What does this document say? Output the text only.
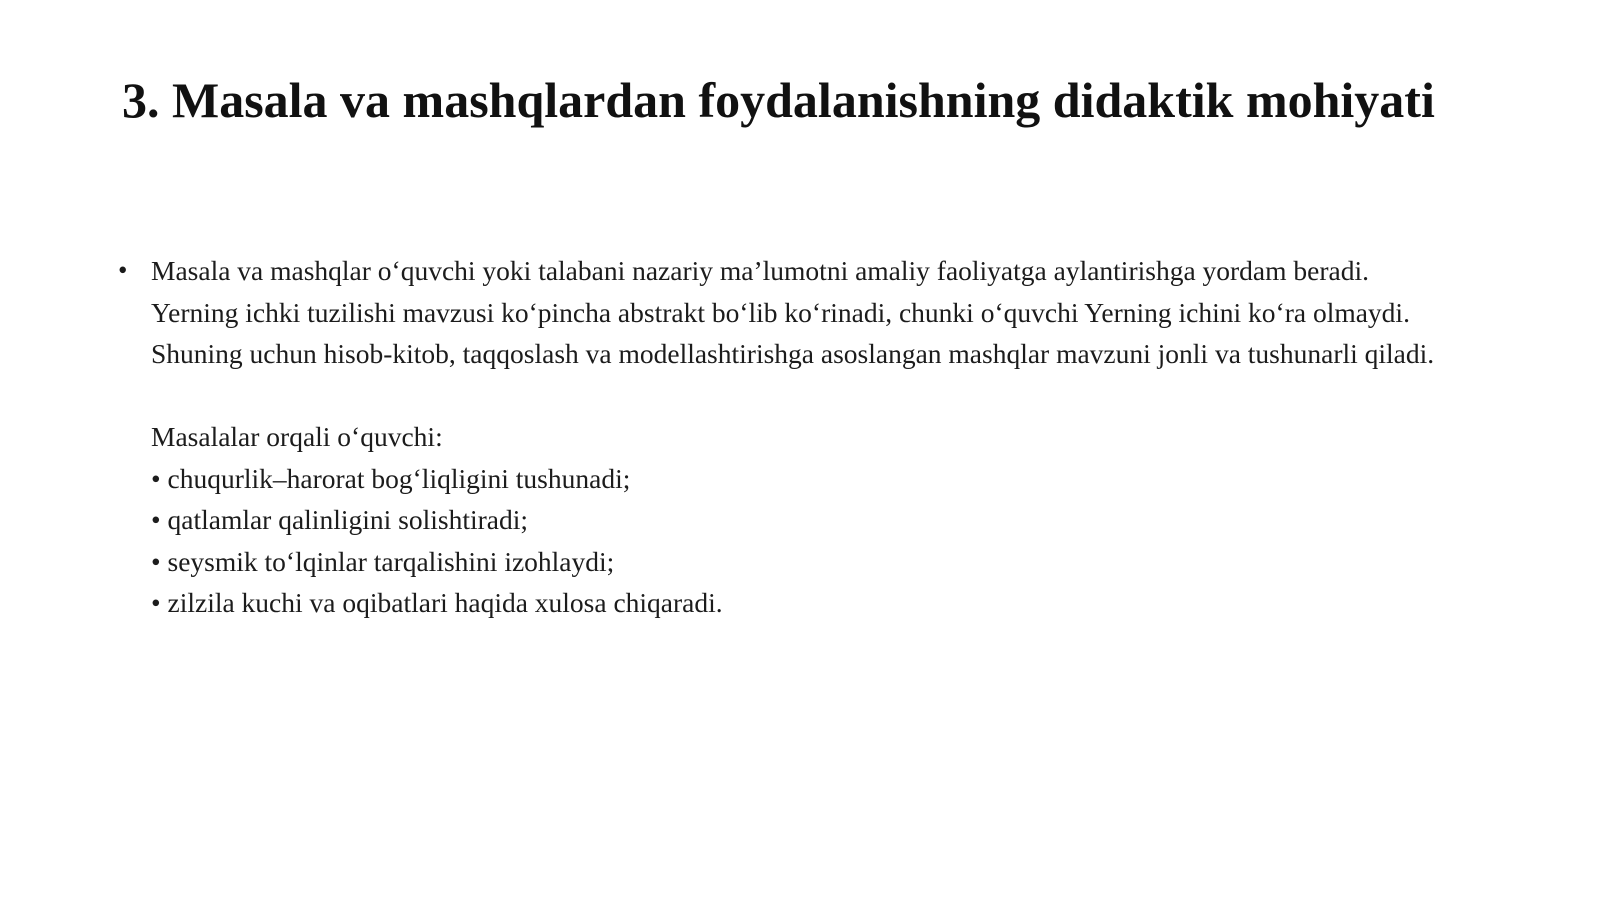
3. Masala va mashqlardan foydalanishning didaktik mohiyati
• Masala va mashqlar o‘quvchi yoki talabani nazariy ma’lumotni amaliy faoliyatga aylantirishga yordam beradi. Yerning ichki tuzilishi mavzusi ko‘pincha abstrakt bo‘lib ko‘rinadi, chunki o‘quvchi Yerning ichini ko‘ra olmaydi. Shuning uchun hisob-kitob, taqqoslash va modellashtirishga asoslangan mashqlar mavzuni jonli va tushunarli qiladi.

Masalalar orqali o‘quvchi:

• chuqurlik–harorat bog‘liqligini tushunadi;
• qatlamlar qalinligini solishtiradi;
• seysmik to‘lqinlar tarqalishini izohlaydi;
• zilzila kuchi va oqibatlari haqida xulosa chiqaradi.
